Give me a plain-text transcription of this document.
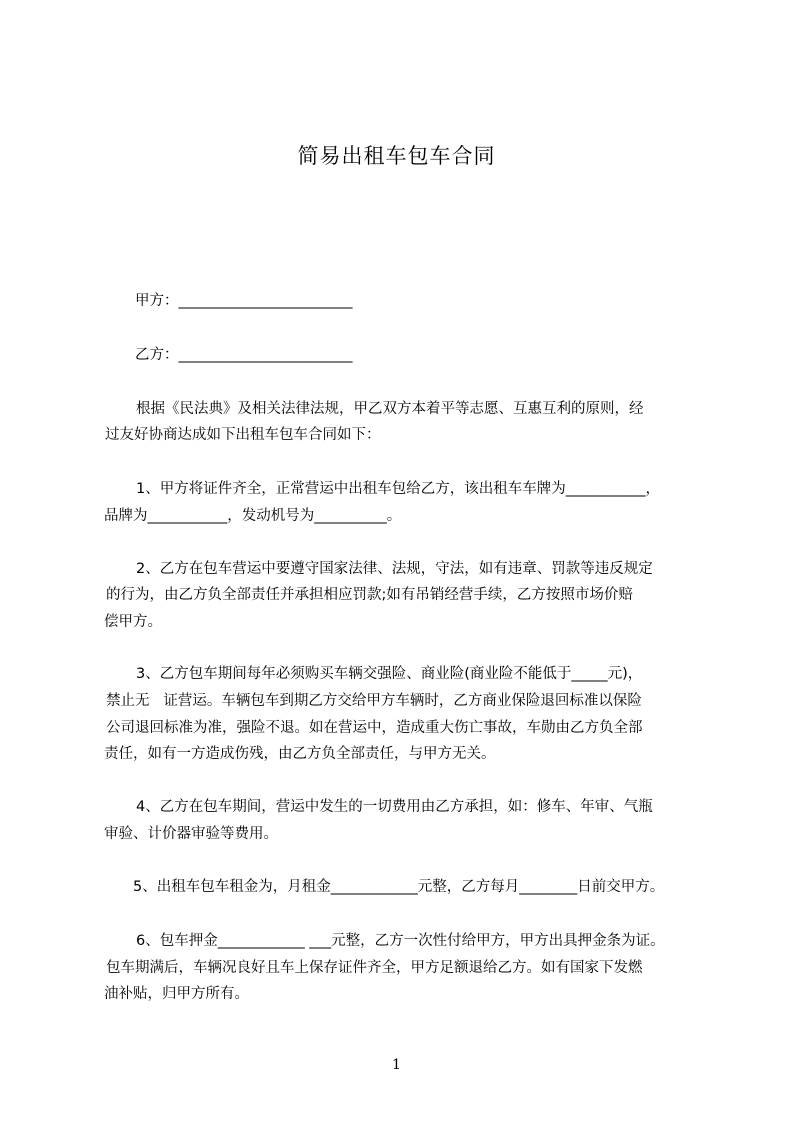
简易出租车包车合同
甲方：________________________
乙方：________________________
根据《民法典》及相关法律法规，甲乙双方本着平等志愿、互惠互利的原则，经
过友好协商达成如下出租车包车合同如下：
1、甲方将证件齐全，正常营运中出租车包给乙方，该出租车车牌为___________，
品牌为___________，发动机号为__________。
2、乙方在包车营运中要遵守国家法律、法规，守法，如有违章、罚款等违反规定
的行为，由乙方负全部责任并承担相应罚款;如有吊销经营手续，乙方按照市场价赔
偿甲方。
3、乙方包车期间每年必须购买车辆交强险、商业险(商业险不能低于_____元)，
禁止无   证营运。车辆包车到期乙方交给甲方车辆时，乙方商业保险退回标准以保险
公司退回标准为准，强险不退。如在营运中，造成重大伤亡事故，车勋由乙方负全部
责任，如有一方造成伤残，由乙方负全部责任，与甲方无关。
4、乙方在包车期间，营运中发生的一切费用由乙方承担，如：修车、年审、气瓶
审验、计价器审验等费用。
5、出租车包车租金为，月租金____________元整，乙方每月________日前交甲方。
6、包车押金____________ ___元整，乙方一次性付给甲方，甲方出具押金条为证。
包车期满后，车辆况良好且车上保存证件齐全，甲方足额退给乙方。如有国家下发燃
油补贴，归甲方所有。
1
